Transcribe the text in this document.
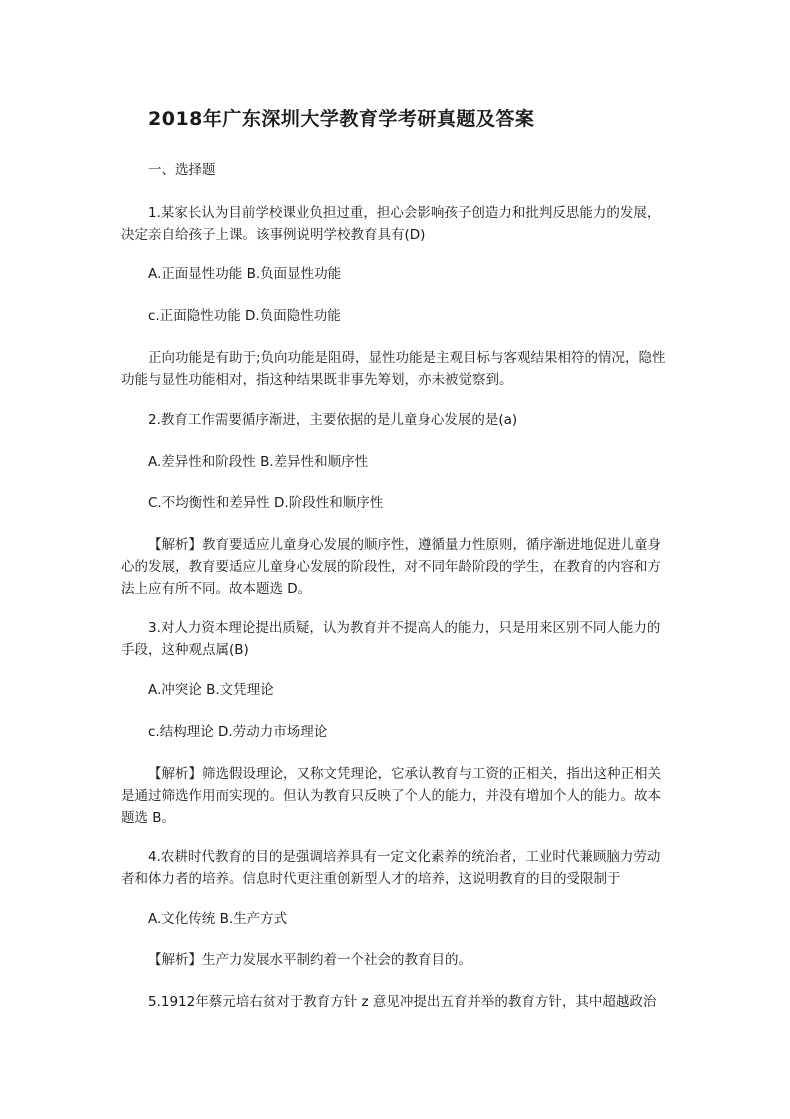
2018年广东深圳大学教育学考研真题及答案
一、选择题
1.某家长认为目前学校课业负担过重，担心会影响孩子创造力和批判反思能力的发展，决定亲自给孩子上课。该事例说明学校教育具有(D)
A.正面显性功能 B.负面显性功能
c.正面隐性功能 D.负面隐性功能
正向功能是有助于;负向功能是阻碍，显性功能是主观目标与客观结果相符的情况，隐性功能与显性功能相对，指这种结果既非事先筹划，亦未被觉察到。
2.教育工作需要循序渐进，主要依据的是儿童身心发展的是(a)
A.差异性和阶段性 B.差异性和顺序性
C.不均衡性和差异性 D.阶段性和顺序性
【解析】教育要适应儿童身心发展的顺序性，遵循量力性原则，循序渐进地促进儿童身心的发展，教育要适应儿童身心发展的阶段性，对不同年龄阶段的学生，在教育的内容和方法上应有所不同。故本题选 D。
3.对人力资本理论提出质疑，认为教育并不提高人的能力，只是用来区别不同人能力的手段，这种观点属(B)
A.冲突论 B.文凭理论
c.结构理论 D.劳动力市场理论
【解析】筛选假设理论，又称文凭理论，它承认教育与工资的正相关，指出这种正相关是通过筛选作用而实现的。但认为教育只反映了个人的能力，并没有增加个人的能力。故本题选 B。
4.农耕时代教育的目的是强调培养具有一定文化素养的统治者，工业时代兼顾脑力劳动者和体力者的培养。信息时代更注重创新型人才的培养，这说明教育的目的受限制于
A.文化传统 B.生产方式
【解析】生产力发展水平制约着一个社会的教育目的。
5.1912年蔡元培右贫对于教育方针 z 意见冲提出五育并举的教育方针，其中超越政治
